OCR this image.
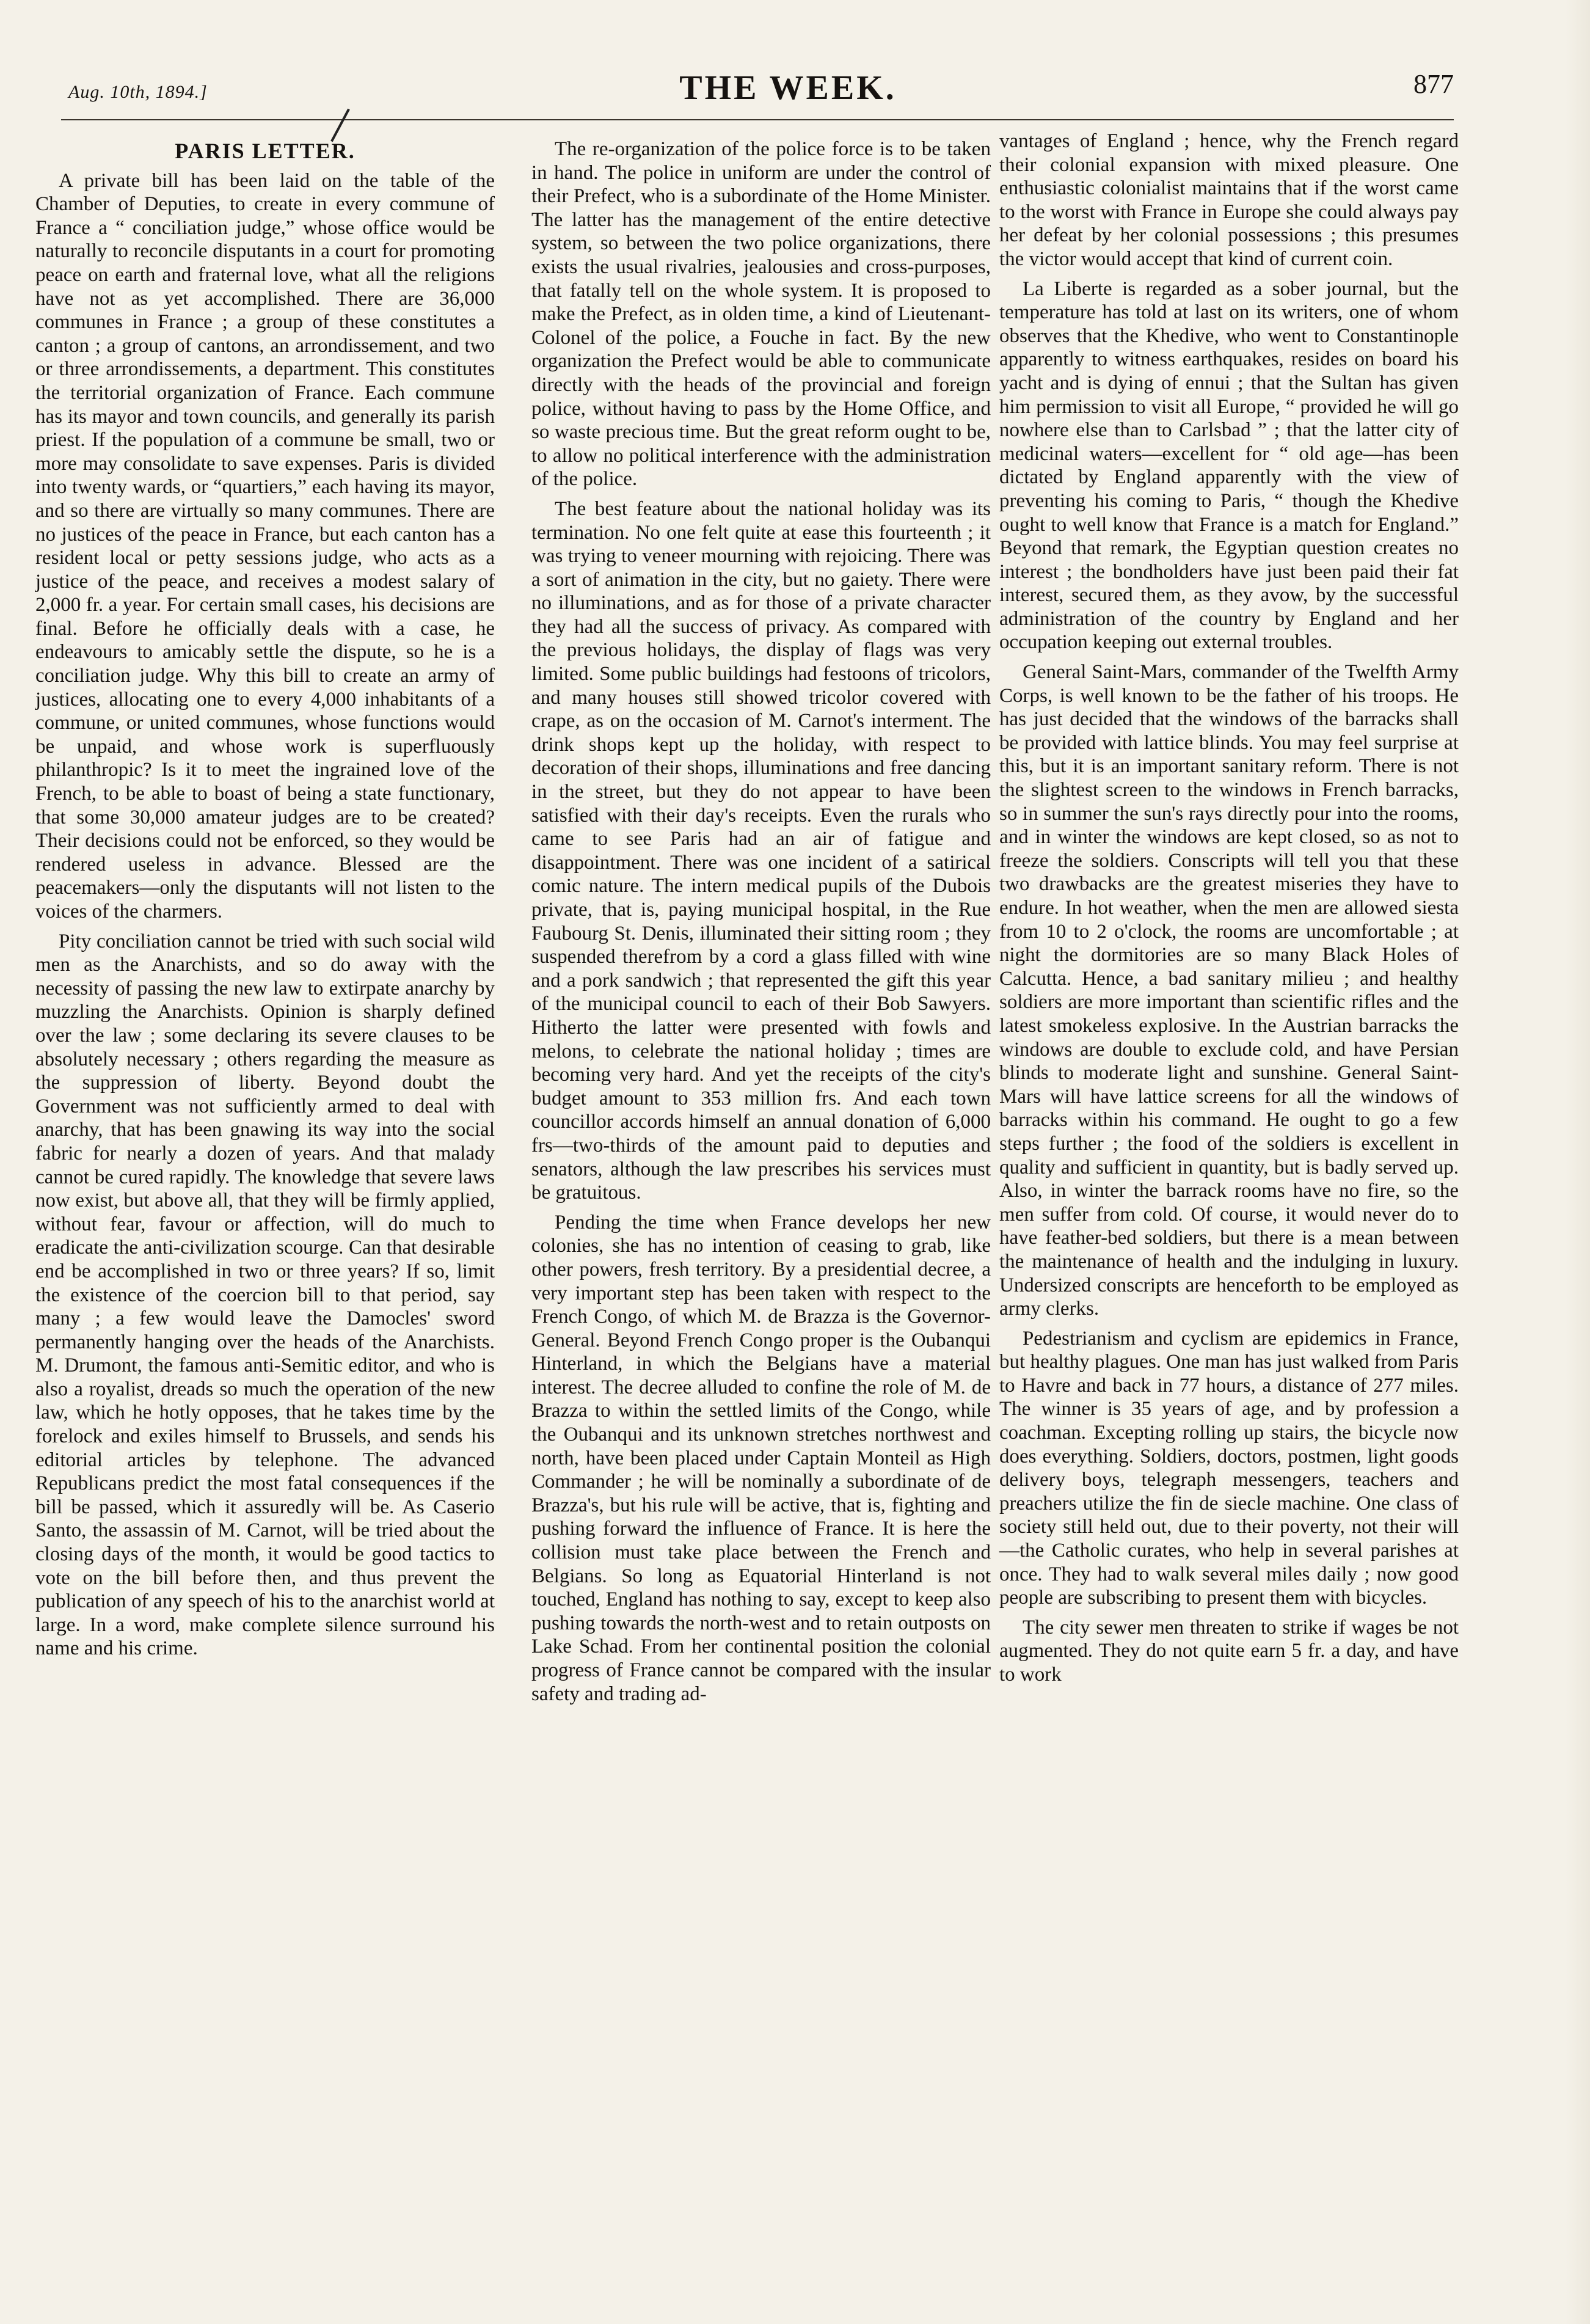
Aug. 10th, 1894.]	THE WEEK.	877

PARIS LETTER.

A private bill has been laid on the table of the Chamber of Deputies, to create in every commune of France a “ conciliation judge,” whose office would be naturally to reconcile disputants in a court for promoting peace on earth and fraternal love, what all the religions have not as yet accomplished. There are 36,000 communes in France ; a group of these constitutes a canton ; a group of cantons, an arrondissement, and two or three arrondissements, a department. This constitutes the territorial organization of France. Each commune has its mayor and town councils, and generally its parish priest. If the population of a commune be small, two or more may consolidate to save expenses. Paris is divided into twenty wards, or “quartiers,” each having its mayor, and so there are virtually so many communes. There are no justices of the peace in France, but each canton has a resident local or petty sessions judge, who acts as a justice of the peace, and receives a modest salary of 2,000 fr. a year. For certain small cases, his decisions are final. Before he officially deals with a case, he endeavours to amicably settle the dispute, so he is a conciliation judge. Why this bill to create an army of justices, allocating one to every 4,000 inhabitants of a commune, or united communes, whose functions would be unpaid, and whose work is superfluously philanthropic? Is it to meet the ingrained love of the French, to be able to boast of being a state functionary, that some 30,000 amateur judges are to be created? Their decisions could not be enforced, so they would be rendered useless in advance. Blessed are the peacemakers—only the disputants will not listen to the voices of the charmers.

Pity conciliation cannot be tried with such social wild men as the Anarchists, and so do away with the necessity of passing the new law to extirpate anarchy by muzzling the Anarchists. Opinion is sharply defined over the law ; some declaring its severe clauses to be absolutely necessary ; others regarding the measure as the suppression of liberty. Beyond doubt the Government was not sufficiently armed to deal with anarchy, that has been gnawing its way into the social fabric for nearly a dozen of years. And that malady cannot be cured rapidly. The knowledge that severe laws now exist, but above all, that they will be firmly applied, without fear, favour or affection, will do much to eradicate the anti-civilization scourge. Can that desirable end be accomplished in two or three years? If so, limit the existence of the coercion bill to that period, say many ; a few would leave the Damocles' sword permanently hanging over the heads of the Anarchists. M. Drumont, the famous anti-Semitic editor, and who is also a royalist, dreads so much the operation of the new law, which he hotly opposes, that he takes time by the forelock and exiles himself to Brussels, and sends his editorial articles by telephone. The advanced Republicans predict the most fatal consequences if the bill be passed, which it assuredly will be. As Caserio Santo, the assassin of M. Carnot, will be tried about the closing days of the month, it would be good tactics to vote on the bill before then, and thus prevent the publication of any speech of his to the anarchist world at large. In a word, make complete silence surround his name and his crime.

The re-organization of the police force is to be taken in hand. The police in uniform are under the control of their Prefect, who is a subordinate of the Home Minister. The latter has the management of the entire detective system, so between the two police organizations, there exists the usual rivalries, jealousies and cross-purposes, that fatally tell on the whole system. It is proposed to make the Prefect, as in olden time, a kind of Lieutenant-Colonel of the police, a Fouche in fact. By the new organization the Prefect would be able to communicate directly with the heads of the provincial and foreign police, without having to pass by the Home Office, and so waste precious time. But the great reform ought to be, to allow no political interference with the administration of the police.

The best feature about the national holiday was its termination. No one felt quite at ease this fourteenth ; it was trying to veneer mourning with rejoicing. There was a sort of animation in the city, but no gaiety. There were no illuminations, and as for those of a private character they had all the success of privacy. As compared with the previous holidays, the display of flags was very limited. Some public buildings had festoons of tricolors, and many houses still showed tricolor covered with crape, as on the occasion of M. Carnot's interment. The drink shops kept up the holiday, with respect to decoration of their shops, illuminations and free dancing in the street, but they do not appear to have been satisfied with their day's receipts. Even the rurals who came to see Paris had an air of fatigue and disappointment. There was one incident of a satirical comic nature. The intern medical pupils of the Dubois private, that is, paying municipal hospital, in the Rue Faubourg St. Denis, illuminated their sitting room ; they suspended therefrom by a cord a glass filled with wine and a pork sandwich ; that represented the gift this year of the municipal council to each of their Bob Sawyers. Hitherto the latter were presented with fowls and melons, to celebrate the national holiday ; times are becoming very hard. And yet the receipts of the city's budget amount to 353 million frs. And each town councillor accords himself an annual donation of 6,000 frs—two-thirds of the amount paid to deputies and senators, although the law prescribes his services must be gratuitous.

Pending the time when France develops her new colonies, she has no intention of ceasing to grab, like other powers, fresh territory. By a presidential decree, a very important step has been taken with respect to the French Congo, of which M. de Brazza is the Governor-General. Beyond French Congo proper is the Oubanqui Hinterland, in which the Belgians have a material interest. The decree alluded to confine the role of M. de Brazza to within the settled limits of the Congo, while the Oubanqui and its unknown stretches northwest and north, have been placed under Captain Monteil as High Commander ; he will be nominally a subordinate of de Brazza's, but his rule will be active, that is, fighting and pushing forward the influence of France. It is here the collision must take place between the French and Belgians. So long as Equatorial Hinterland is not touched, England has nothing to say, except to keep also pushing towards the north-west and to retain outposts on Lake Schad. From her continental position the colonial progress of France cannot be compared with the insular safety and trading ad-

vantages of England ; hence, why the French regard their colonial expansion with mixed pleasure. One enthusiastic colonialist maintains that if the worst came to the worst with France in Europe she could always pay her defeat by her colonial possessions ; this presumes the victor would accept that kind of current coin.

La Liberte is regarded as a sober journal, but the temperature has told at last on its writers, one of whom observes that the Khedive, who went to Constantinople apparently to witness earthquakes, resides on board his yacht and is dying of ennui ; that the Sultan has given him permission to visit all Europe, “ provided he will go nowhere else than to Carlsbad ” ; that the latter city of medicinal waters—excellent for “ old age—has been dictated by England apparently with the view of preventing his coming to Paris, “ though the Khedive ought to well know that France is a match for England.” Beyond that remark, the Egyptian question creates no interest ; the bondholders have just been paid their fat interest, secured them, as they avow, by the successful administration of the country by England and her occupation keeping out external troubles.

General Saint-Mars, commander of the Twelfth Army Corps, is well known to be the father of his troops. He has just decided that the windows of the barracks shall be provided with lattice blinds. You may feel surprise at this, but it is an important sanitary reform. There is not the slightest screen to the windows in French barracks, so in summer the sun's rays directly pour into the rooms, and in winter the windows are kept closed, so as not to freeze the soldiers. Conscripts will tell you that these two drawbacks are the greatest miseries they have to endure. In hot weather, when the men are allowed siesta from 10 to 2 o'clock, the rooms are uncomfortable ; at night the dormitories are so many Black Holes of Calcutta. Hence, a bad sanitary milieu ; and healthy soldiers are more important than scientific rifles and the latest smokeless explosive. In the Austrian barracks the windows are double to exclude cold, and have Persian blinds to moderate light and sunshine. General Saint-Mars will have lattice screens for all the windows of barracks within his command. He ought to go a few steps further ; the food of the soldiers is excellent in quality and sufficient in quantity, but is badly served up. Also, in winter the barrack rooms have no fire, so the men suffer from cold. Of course, it would never do to have feather-bed soldiers, but there is a mean between the maintenance of health and the indulging in luxury. Undersized conscripts are henceforth to be employed as army clerks.

Pedestrianism and cyclism are epidemics in France, but healthy plagues. One man has just walked from Paris to Havre and back in 77 hours, a distance of 277 miles. The winner is 35 years of age, and by profession a coachman. Excepting rolling up stairs, the bicycle now does everything. Soldiers, doctors, postmen, light goods delivery boys, telegraph messengers, teachers and preachers utilize the fin de siecle machine. One class of society still held out, due to their poverty, not their will—the Catholic curates, who help in several parishes at once. They had to walk several miles daily ; now good people are subscribing to present them with bicycles.

The city sewer men threaten to strike if wages be not augmented. They do not quite earn 5 fr. a day, and have to work
